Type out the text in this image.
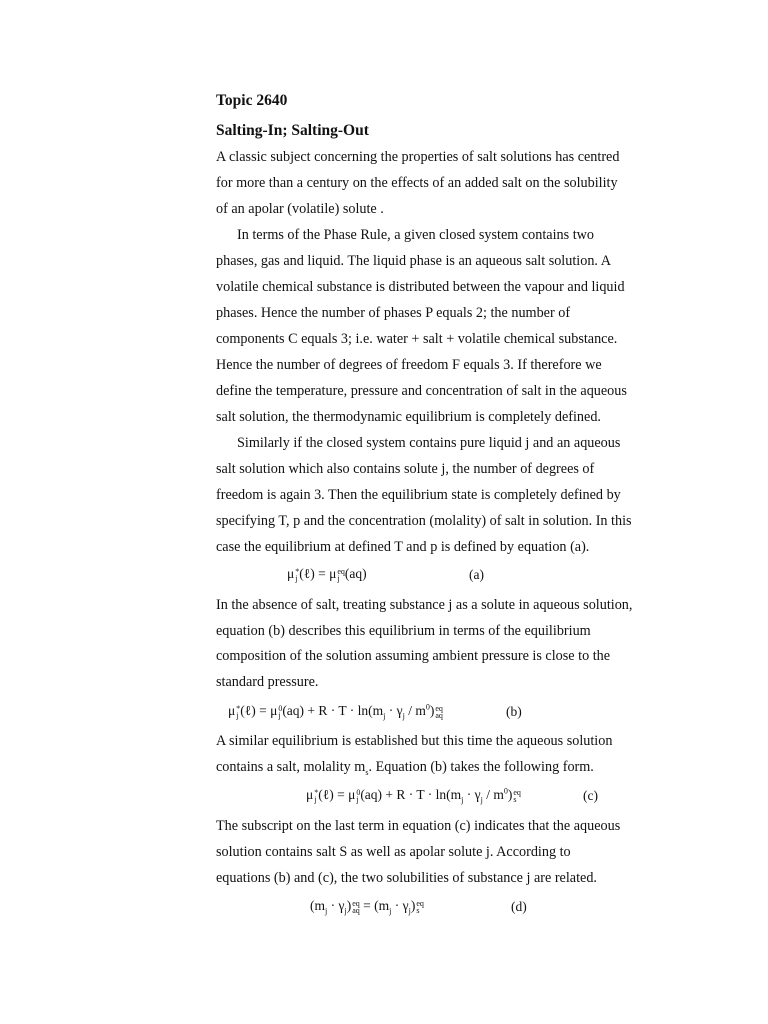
Topic 2640
Salting-In; Salting-Out
A classic subject concerning the properties of salt solutions has centred
for more than a century on the effects of an added salt on the solubility
of an apolar (volatile) solute .
In terms of the Phase Rule, a given closed system contains two
phases, gas and liquid. The liquid phase is an aqueous salt solution. A
volatile chemical substance is distributed between the vapour and liquid
phases. Hence the number of phases P equals 2; the number of
components C equals 3; i.e. water + salt + volatile chemical substance.
Hence the number of degrees of freedom F equals 3. If therefore we
define the temperature, pressure and concentration of salt in the aqueous
salt solution, the thermodynamic equilibrium is completely defined.
Similarly if the closed system contains pure liquid j and an aqueous
salt solution which also contains solute j, the number of degrees of
freedom is again 3. Then the equilibrium state is completely defined by
specifying T, p and the concentration (molality) of salt in solution. In this
case the equilibrium at defined T and p is defined by equation (a).
μ *
j (ℓ) = μ eq
j (aq)	(a)
In the absence of salt, treating substance j as a solute in aqueous solution,
equation (b) describes this equilibrium in terms of the equilibrium
composition of the solution assuming ambient pressure is close to the
standard pressure.
μ *
j (ℓ) = μ 0
j $(aq) + R \cdot T \cdot \ln(m_j \cdot \gamma_j / m^0)$ eq
aq	(b)
A similar equilibrium is established but this time the aqueous solution
contains a salt, molality $m_s$. Equation (b) takes the following form.
μ *
j (ℓ) = μ 0
j $(aq) + R \cdot T \cdot \ln(m_j \cdot \gamma_j / m^0)$ eq
s	(c)
The subscript on the last term in equation (c) indicates that the aqueous
solution contains salt S as well as apolar solute j. According to
equations (b) and (c), the two solubilities of substance j are related.
$(m_j \cdot \gamma_j)$ eq
aq = $(m_j \cdot \gamma_j)$ eq
s	(d)
